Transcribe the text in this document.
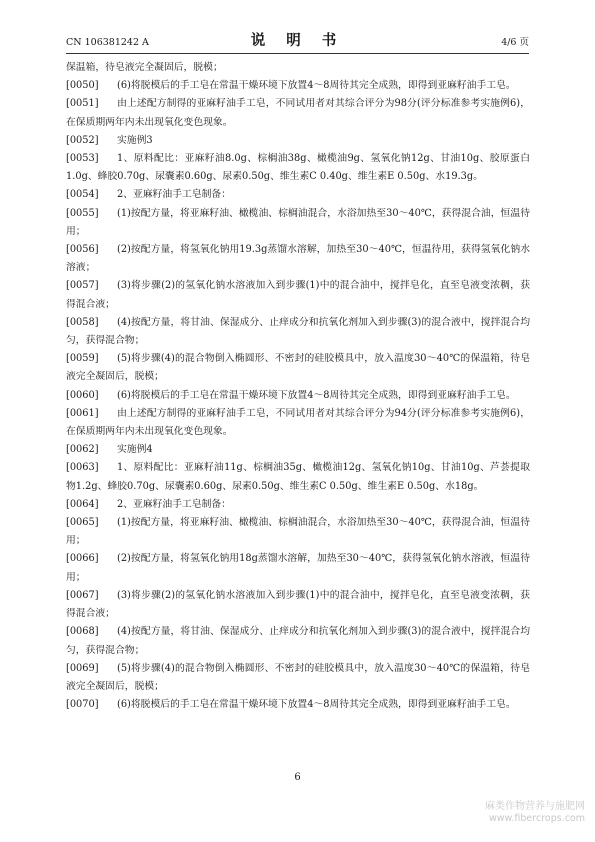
CN 106381242 A	说 明 书	4/6 页

保温箱，待皂液完全凝固后，脱模；

[0050] (6)将脱模后的手工皂在常温干燥环境下放置4～8周待其完全成熟，即得到亚麻籽油手工皂。

[0051] 由上述配方制得的亚麻籽油手工皂，不同试用者对其综合评分为98分(评分标准参考实施例6)，在保质期两年内未出现氧化变色现象。

[0052] 实施例3

[0053] 1、原料配比：亚麻籽油8.0g、棕榈油38g、橄榄油9g、氢氧化钠12g、甘油10g、胶原蛋白1.0g、蜂胶0.70g、尿囊素0.60g、尿素0.50g、维生素C 0.40g、维生素E 0.50g、水19.3g。

[0054] 2、亚麻籽油手工皂制备：

[0055] (1)按配方量，将亚麻籽油、橄榄油、棕榈油混合，水浴加热至30～40℃，获得混合油，恒温待用；

[0056] (2)按配方量，将氢氧化钠用19.3g蒸馏水溶解，加热至30～40℃，恒温待用，获得氢氧化钠水溶液；

[0057] (3)将步骤(2)的氢氧化钠水溶液加入到步骤(1)中的混合油中，搅拌皂化，直至皂液变浓稠，获得混合液；

[0058] (4)按配方量，将甘油、保湿成分、止痒成分和抗氧化剂加入到步骤(3)的混合液中，搅拌混合均匀，获得混合物；

[0059] (5)将步骤(4)的混合物倒入椭圆形、不密封的硅胶模具中，放入温度30～40℃的保温箱，待皂液完全凝固后，脱模；

[0060] (6)将脱模后的手工皂在常温干燥环境下放置4～8周待其完全成熟，即得到亚麻籽油手工皂。

[0061] 由上述配方制得的亚麻籽油手工皂，不同试用者对其综合评分为94分(评分标准参考实施例6)，在保质期两年内未出现氧化变色现象。

[0062] 实施例4

[0063] 1、原料配比：亚麻籽油11g、棕榈油35g、橄榄油12g、氢氧化钠10g、甘油10g、芦荟提取物1.2g、蜂胶0.70g、尿囊素0.60g、尿素0.50g、维生素C 0.50g、维生素E 0.50g、水18g。

[0064] 2、亚麻籽油手工皂制备：

[0065] (1)按配方量，将亚麻籽油、橄榄油、棕榈油混合，水浴加热至30～40℃，获得混合油，恒温待用；

[0066] (2)按配方量，将氢氧化钠用18g蒸馏水溶解，加热至30～40℃，获得氢氧化钠水溶液，恒温待用；

[0067] (3)将步骤(2)的氢氧化钠水溶液加入到步骤(1)中的混合油中，搅拌皂化，直至皂液变浓稠，获得混合液；

[0068] (4)按配方量，将甘油、保湿成分、止痒成分和抗氧化剂加入到步骤(3)的混合液中，搅拌混合均匀，获得混合物；

[0069] (5)将步骤(4)的混合物倒入椭圆形、不密封的硅胶模具中，放入温度30～40℃的保温箱，待皂液完全凝固后，脱模；

[0070] (6)将脱模后的手工皂在常温干燥环境下放置4～8周待其完全成熟，即得到亚麻籽油手工皂。

6
麻类作物营养与施肥网
www.fibercrops.com
